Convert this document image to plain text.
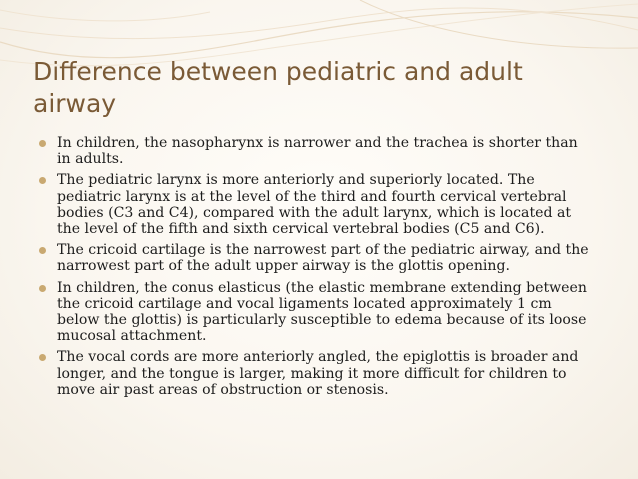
Difference between pediatric and adult airway
In children, the nasopharynx is narrower and the trachea is shorter than in adults.
The pediatric larynx is more anteriorly and superiorly located. The pediatric larynx is at the level of the third and fourth cervical vertebral bodies (C3 and C4), compared with the adult larynx, which is located at the level of the fifth and sixth cervical vertebral bodies (C5 and C6).
The cricoid cartilage is the narrowest part of the pediatric airway, and the narrowest part of the adult upper airway is the glottis opening.
In children, the conus elasticus (the elastic membrane extending between the cricoid cartilage and vocal ligaments located approximately 1 cm below the glottis) is particularly susceptible to edema because of its loose mucosal attachment.
The vocal cords are more anteriorly angled, the epiglottis is broader and longer, and the tongue is larger, making it more difficult for children to move air past areas of obstruction or stenosis.
